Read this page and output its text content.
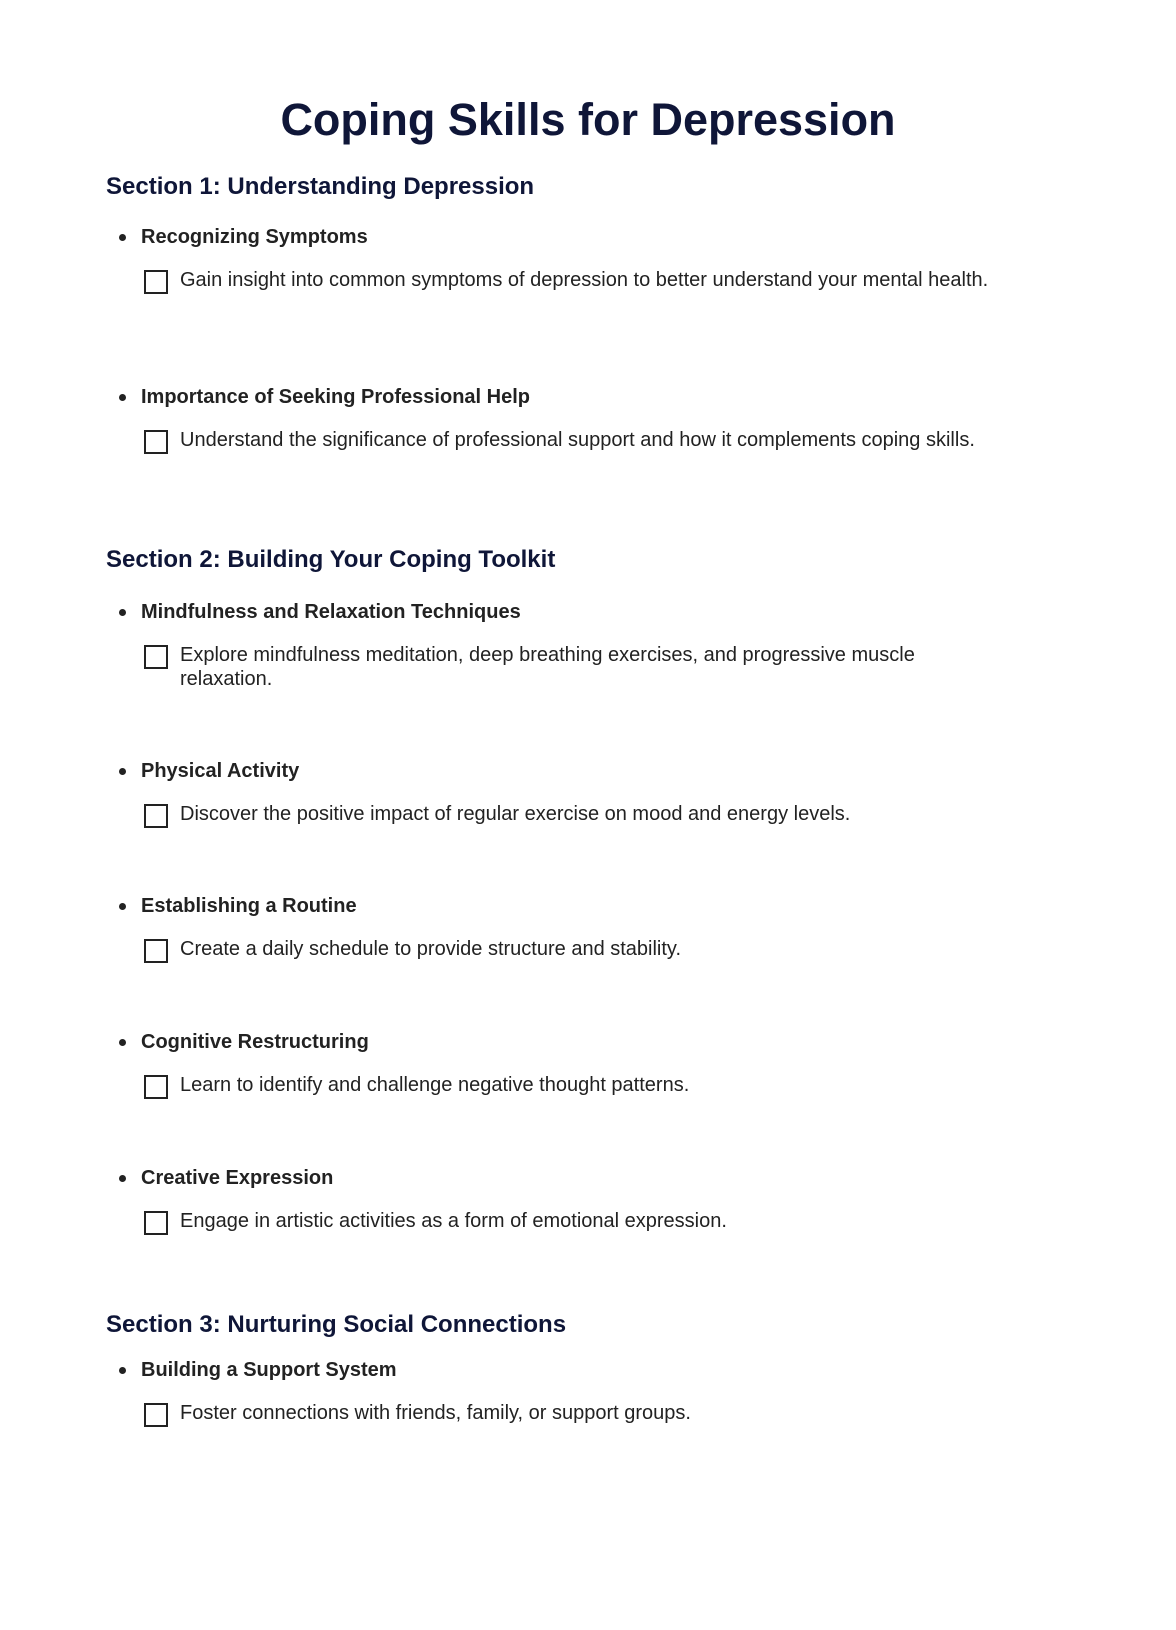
Coping Skills for Depression
Section 1: Understanding Depression
Recognizing Symptoms
Gain insight into common symptoms of depression to better understand your mental health.
Importance of Seeking Professional Help
Understand the significance of professional support and how it complements coping skills.
Section 2: Building Your Coping Toolkit
Mindfulness and Relaxation Techniques
Explore mindfulness meditation, deep breathing exercises, and progressive muscle relaxation.
Physical Activity
Discover the positive impact of regular exercise on mood and energy levels.
Establishing a Routine
Create a daily schedule to provide structure and stability.
Cognitive Restructuring
Learn to identify and challenge negative thought patterns.
Creative Expression
Engage in artistic activities as a form of emotional expression.
Section 3: Nurturing Social Connections
Building a Support System
Foster connections with friends, family, or support groups.
